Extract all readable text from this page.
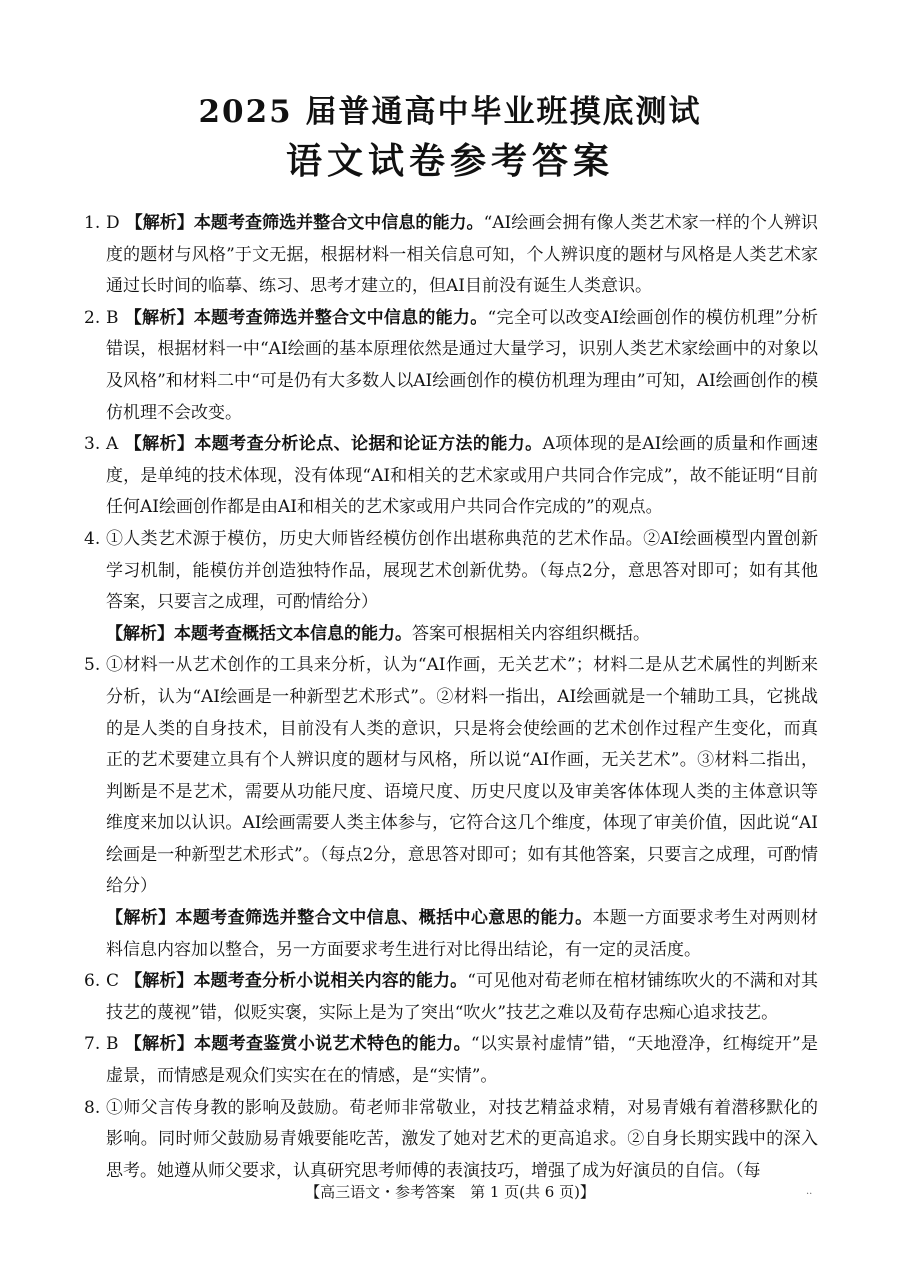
2025 届普通高中毕业班摸底测试
语文试卷参考答案
1. D 【解析】本题考查筛选并整合文中信息的能力。“AI绘画会拥有像人类艺术家一样的个人辨识度的题材与风格”于文无据，根据材料一相关信息可知，个人辨识度的题材与风格是人类艺术家通过长时间的临摹、练习、思考才建立的，但AI目前没有诞生人类意识。
2. B 【解析】本题考查筛选并整合文中信息的能力。“完全可以改变AI绘画创作的模仿机理”分析错误，根据材料一中“AI绘画的基本原理依然是通过大量学习，识别人类艺术家绘画中的对象以及风格”和材料二中“可是仍有大多数人以AI绘画创作的模仿机理为理由”可知，AI绘画创作的模仿机理不会改变。
3. A 【解析】本题考查分析论点、论据和论证方法的能力。A项体现的是AI绘画的质量和作画速度，是单纯的技术体现，没有体现“AI和相关的艺术家或用户共同合作完成”，故不能证明“目前任何AI绘画创作都是由AI和相关的艺术家或用户共同合作完成的”的观点。
4. ①人类艺术源于模仿，历史大师皆经模仿创作出堪称典范的艺术作品。②AI绘画模型内置创新学习机制，能模仿并创造独特作品，展现艺术创新优势。（每点2分，意思答对即可；如有其他答案，只要言之成理，可酌情给分）
【解析】本题考查概括文本信息的能力。答案可根据相关内容组织概括。
5. ①材料一从艺术创作的工具来分析，认为“AI作画，无关艺术”；材料二是从艺术属性的判断来分析，认为“AI绘画是一种新型艺术形式”。②材料一指出，AI绘画就是一个辅助工具，它挑战的是人类的自身技术，目前没有人类的意识，只是将会使绘画的艺术创作过程产生变化，而真正的艺术要建立具有个人辨识度的题材与风格，所以说“AI作画，无关艺术”。③材料二指出，判断是不是艺术，需要从功能尺度、语境尺度、历史尺度以及审美客体体现人类的主体意识等维度来加以认识。AI绘画需要人类主体参与，它符合这几个维度，体现了审美价值，因此说“AI绘画是一种新型艺术形式”。（每点2分，意思答对即可；如有其他答案，只要言之成理，可酌情给分）
【解析】本题考查筛选并整合文中信息、概括中心意思的能力。本题一方面要求考生对两则材料信息内容加以整合，另一方面要求考生进行对比得出结论，有一定的灵活度。
6. C 【解析】本题考查分析小说相关内容的能力。“可见他对荀老师在棺材铺练吹火的不满和对其技艺的蔑视”错，似贬实褒，实际上是为了突出“吹火”技艺之难以及荀存忠痴心追求技艺。
7. B 【解析】本题考查鉴赏小说艺术特色的能力。“以实景衬虚情”错，“天地澄净，红梅绽开”是虚景，而情感是观众们实实在在的情感，是“实情”。
8. ①师父言传身教的影响及鼓励。荀老师非常敬业，对技艺精益求精，对易青娥有着潜移默化的影响。同时师父鼓励易青娥要能吃苦，激发了她对艺术的更高追求。②自身长期实践中的深入思考。她遵从师父要求，认真研究思考师傅的表演技巧，增强了成为好演员的自信。（每
【高三语文・参考答案　第 1 页(共 6 页)】	..
